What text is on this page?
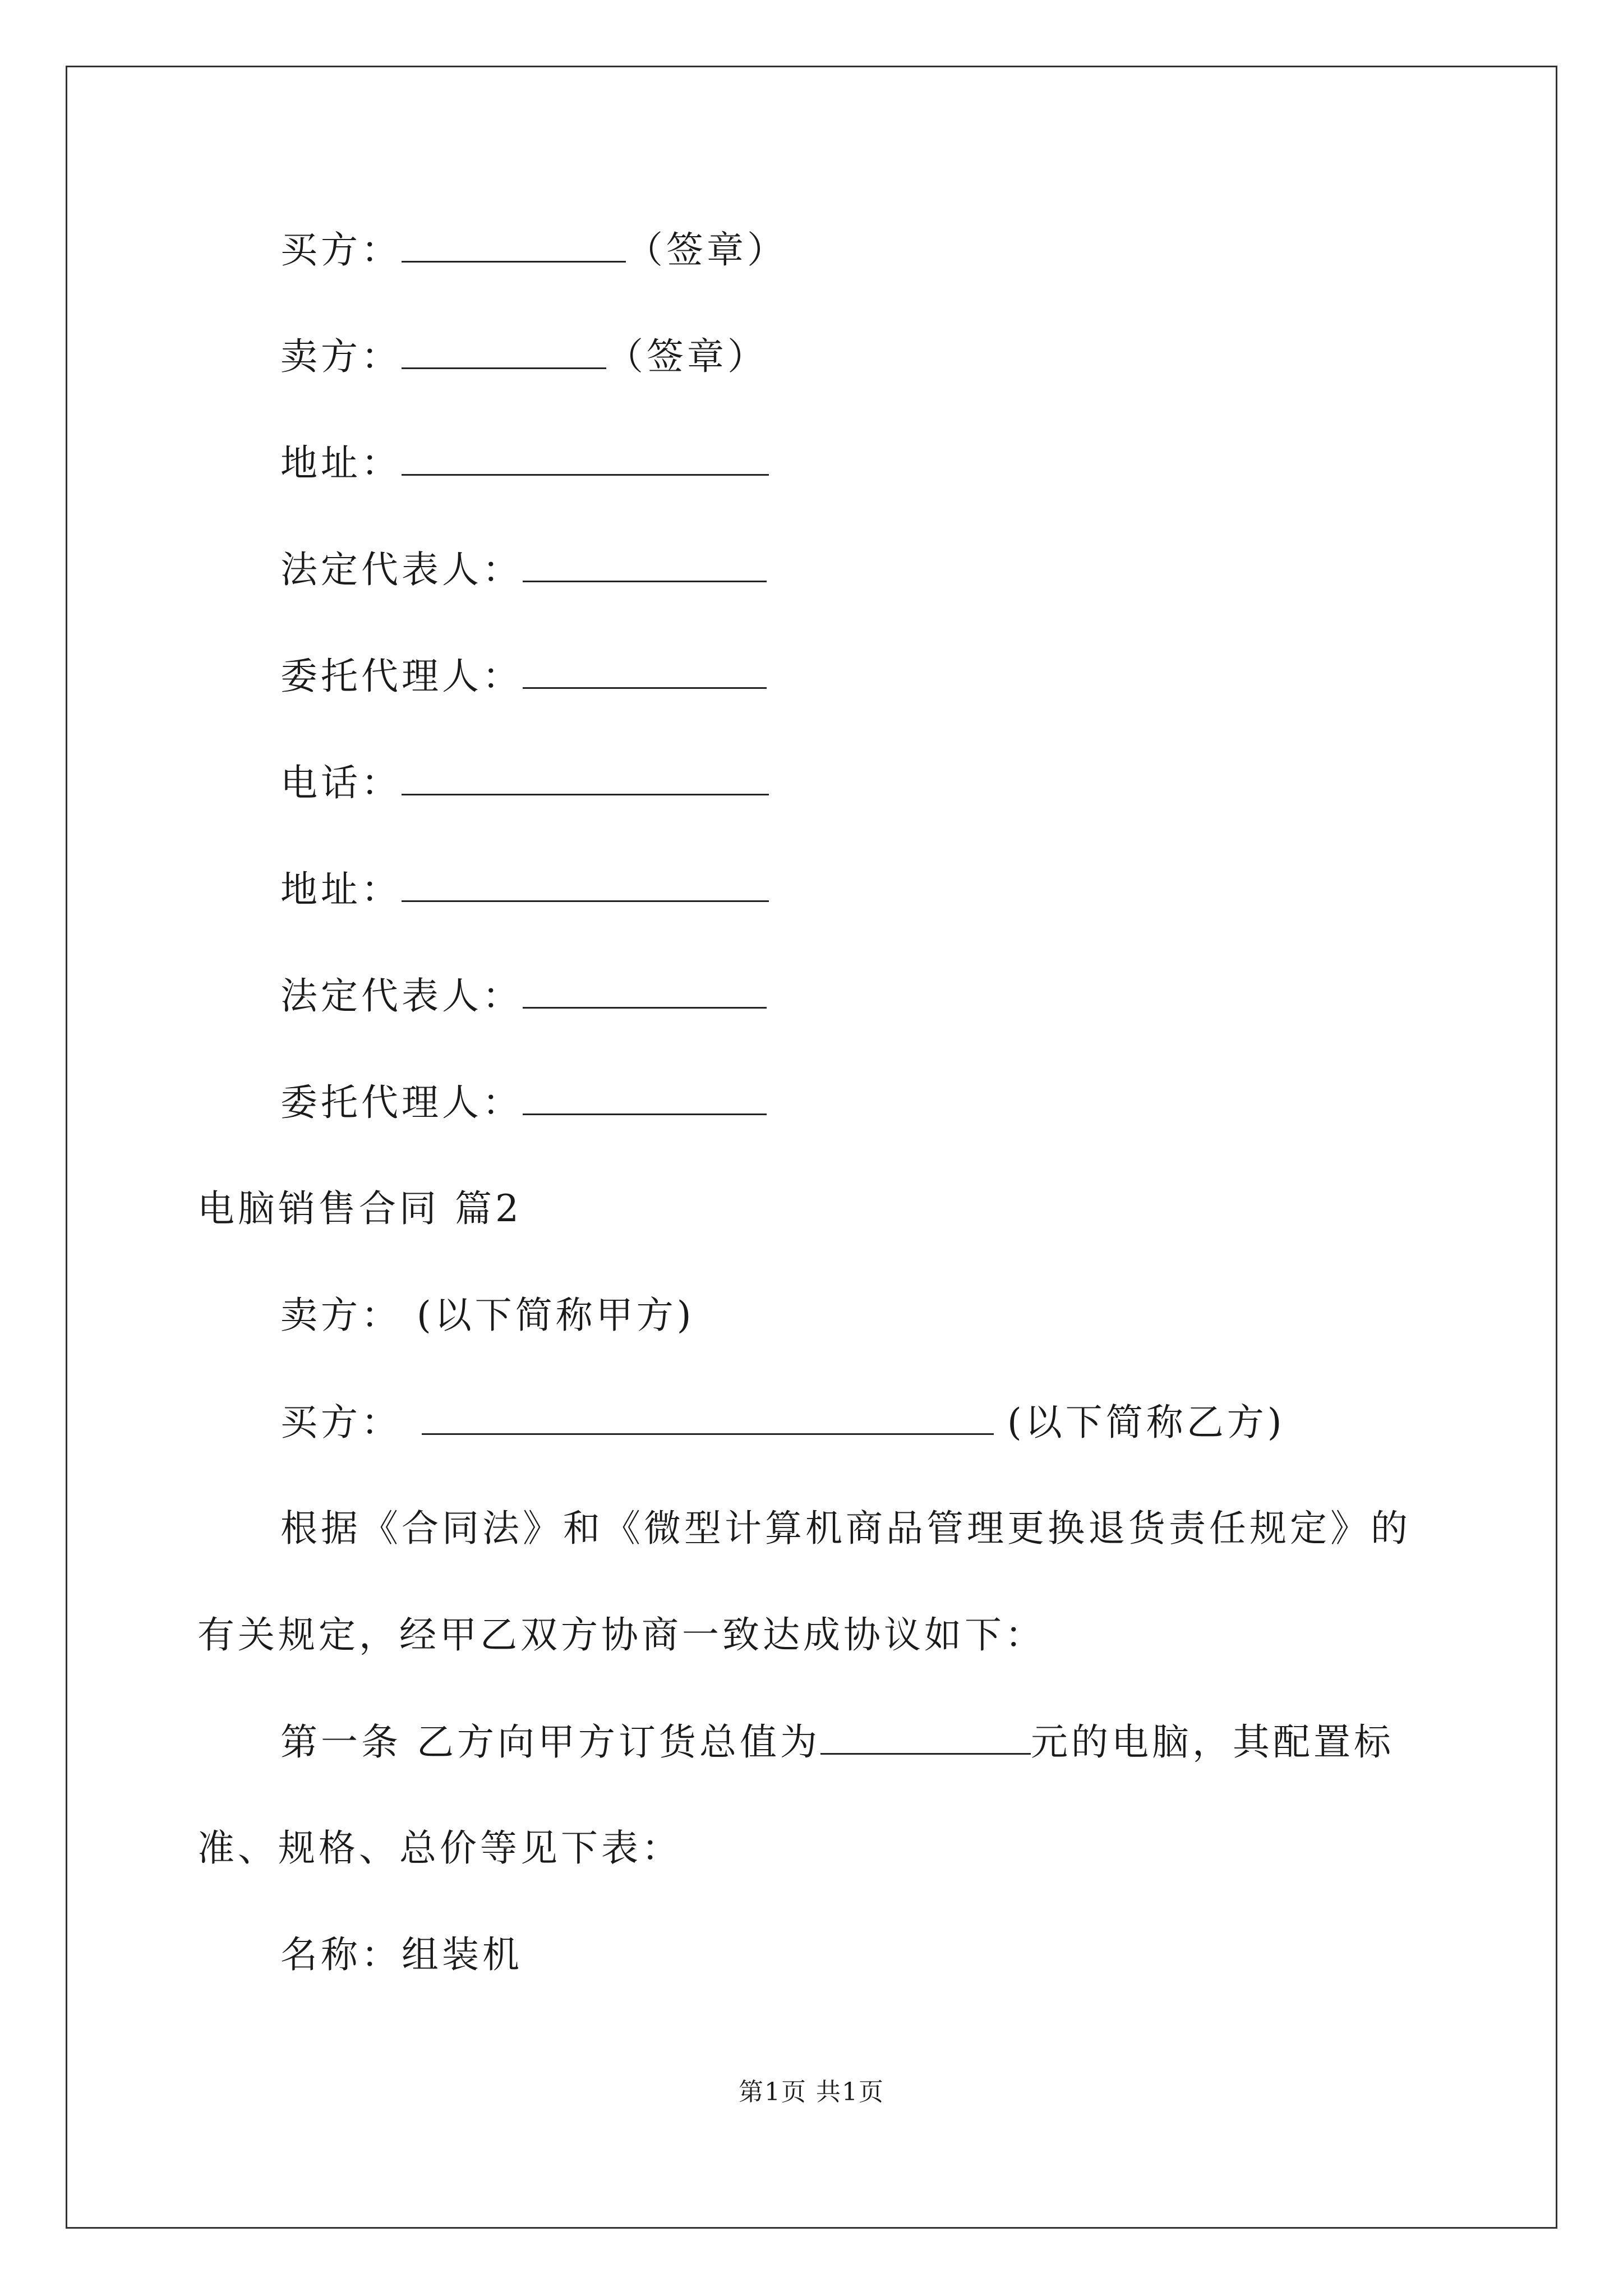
买方：	（签章）
卖方：	（签章）
地址：
法定代表人：
委托代理人：
电话：
地址：
法定代表人：
委托代理人：
电脑销售合同 篇2
卖方： (以下简称甲方)
买方：	(以下简称乙方)
根据《合同法》和《微型计算机商品管理更换退货责任规定》的
有关规定，经甲乙双方协商一致达成协议如下：
第一条 乙方向甲方订货总值为	元的电脑，其配置标
准、规格、总价等见下表：
名称：组装机
第1页 共1页
